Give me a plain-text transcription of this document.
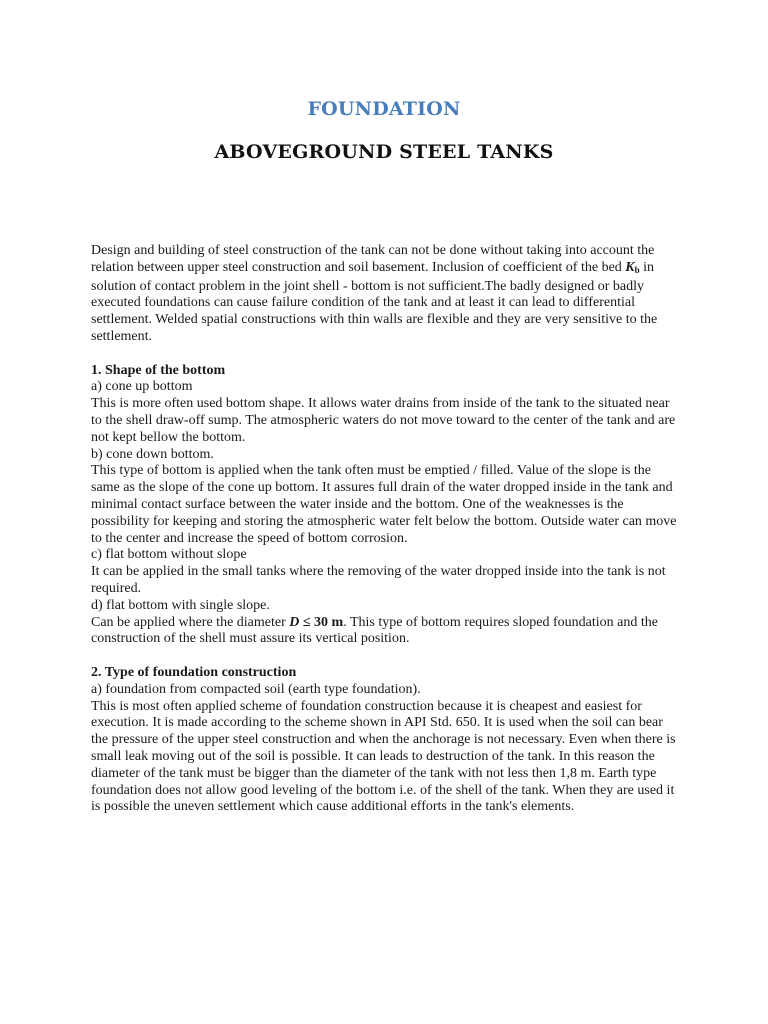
FOUNDATION
ABOVEGROUND STEEL TANKS

Design and building of steel construction of the tank can not be done without taking into account the relation between upper steel construction and soil basement. Inclusion of coefficient of the bed $K_b$ in solution of contact problem in the joint shell - bottom is not sufficient.The badly designed or badly executed foundations can cause failure condition of the tank and at least it can lead to differential settlement. Welded spatial constructions with thin walls are flexible and they are very sensitive to the settlement.

1. Shape of the bottom

a) cone up bottom

This is more often used bottom shape. It allows water drains from inside of the tank to the situated near to the shell draw-off sump. The atmospheric waters do not move toward to the center of the tank and are not kept bellow the bottom.

b) cone down bottom.

This type of bottom is applied when the tank often must be emptied / filled. Value of the slope is the same as the slope of the cone up bottom. It assures full drain of the water dropped inside in the tank and minimal contact surface between the water inside and the bottom. One of the weaknesses is the possibility for keeping and storing the atmospheric water felt below the bottom. Outside water can move to the center and increase the speed of bottom corrosion.

c) flat bottom without slope

It can be applied in the small tanks where the removing of the water dropped inside into the tank is not required.

d) flat bottom with single slope.

Can be applied where the diameter D ≤ 30 m. This type of bottom requires sloped foundation and the construction of the shell must assure its vertical position.

2. Type of foundation construction

a) foundation from compacted soil (earth type foundation).

This is most often applied scheme of foundation construction because it is cheapest and easiest for execution. It is made according to the scheme shown in API Std. 650. It is used when the soil can bear the pressure of the upper steel construction and when the anchorage is not necessary. Even when there is small leak moving out of the soil is possible. It can leads to destruction of the tank. In this reason the diameter of the tank must be bigger than the diameter of the tank with not less then 1,8 m. Earth type foundation does not allow good leveling of the bottom i.e. of the shell of the tank. When they are used it is possible the uneven settlement which cause additional efforts in the tank's elements.
